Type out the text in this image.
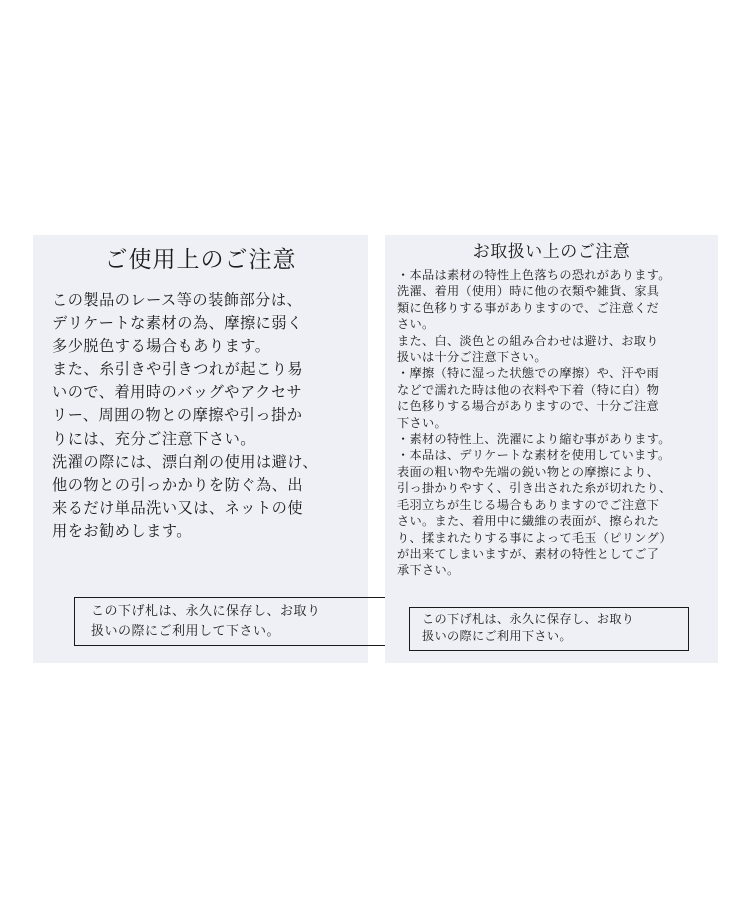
ご使用上のご注意
この製品のレース等の装飾部分は、
デリケートな素材の為、摩擦に弱く
多少脱色する場合もあります。
また、糸引きや引きつれが起こり易
いので、着用時のバッグやアクセサ
リー、周囲の物との摩擦や引っ掛か
りには、充分ご注意下さい。
洗濯の際には、漂白剤の使用は避け、
他の物との引っかかりを防ぐ為、出
来るだけ単品洗い又は、ネットの使
用をお勧めします。
この下げ札は、永久に保存し、お取り
扱いの際にご利用して下さい。
お取扱い上のご注意
・本品は素材の特性上色落ちの恐れがあります。
洗濯、着用（使用）時に他の衣類や雑貨、家具
類に色移りする事がありますので、ご注意くだ
さい。
また、白、淡色との組み合わせは避け、お取り
扱いは十分ご注意下さい。
・摩擦（特に湿った状態での摩擦）や、汗や雨
などで濡れた時は他の衣料や下着（特に白）物
に色移りする場合がありますので、十分ご注意
下さい。
・素材の特性上、洗濯により縮む事があります。
・本品は、デリケートな素材を使用しています。
表面の粗い物や先端の鋭い物との摩擦により、
引っ掛かりやすく、引き出された糸が切れたり、
毛羽立ちが生じる場合もありますのでご注意下
さい。また、着用中に繊維の表面が、擦られた
り、揉まれたりする事によって毛玉（ピリング）
が出来てしまいますが、素材の特性としてご了
承下さい。
この下げ札は、永久に保存し、お取り
扱いの際にご利用下さい。
